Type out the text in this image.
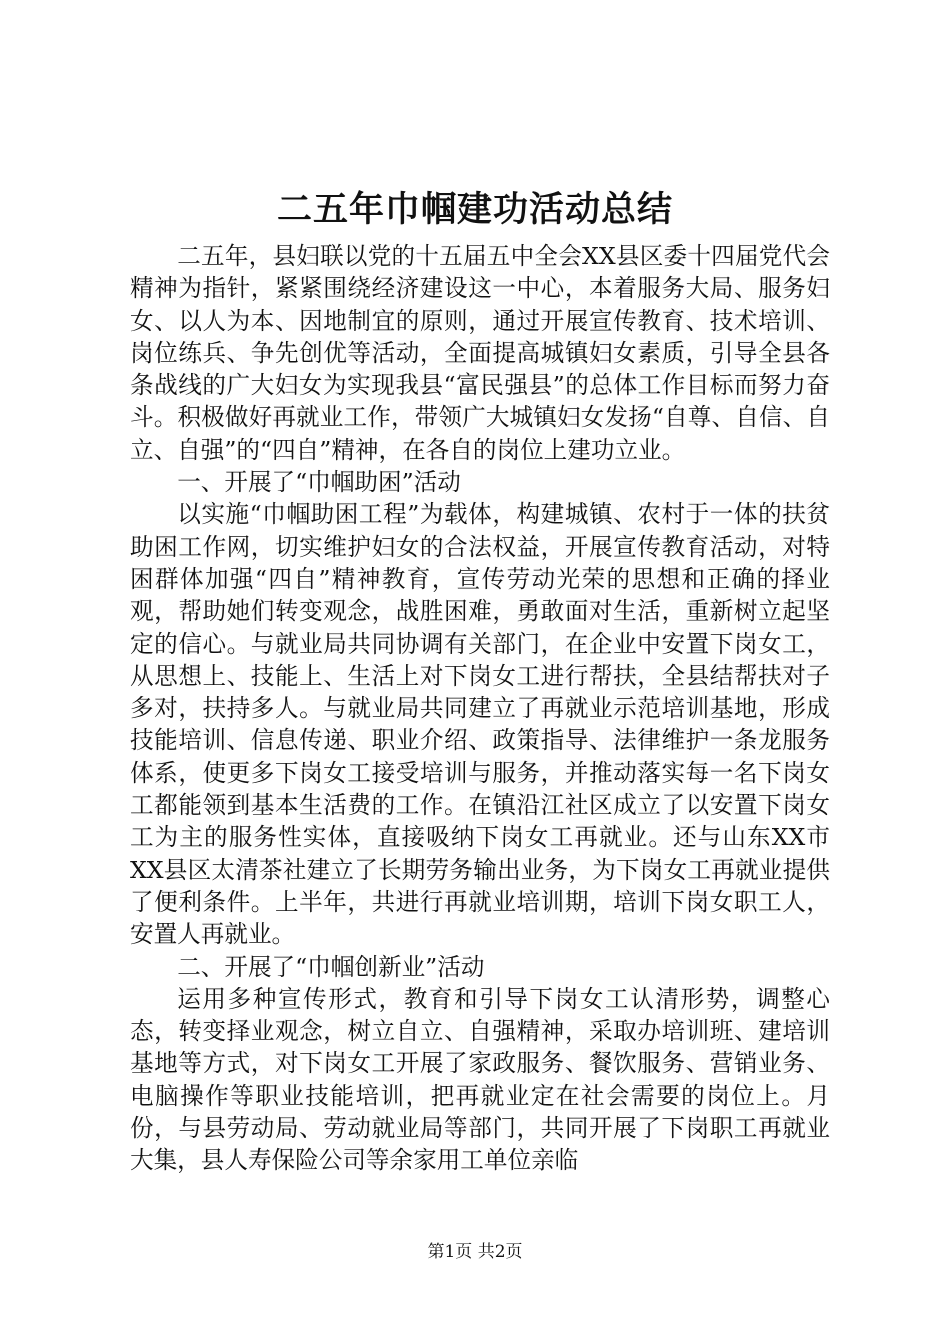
二五年巾帼建功活动总结

二五年，县妇联以党的十五届五中全会XX县区委十四届党代会精神为指针，紧紧围绕经济建设这一中心，本着服务大局、服务妇女、以人为本、因地制宜的原则，通过开展宣传教育、技术培训、岗位练兵、争先创优等活动，全面提高城镇妇女素质，引导全县各条战线的广大妇女为实现我县“富民强县”的总体工作目标而努力奋斗。积极做好再就业工作，带领广大城镇妇女发扬“自尊、自信、自立、自强”的“四自”精神，在各自的岗位上建功立业。

一、开展了“巾帼助困”活动

以实施“巾帼助困工程”为载体，构建城镇、农村于一体的扶贫助困工作网，切实维护妇女的合法权益，开展宣传教育活动，对特困群体加强“四自”精神教育，宣传劳动光荣的思想和正确的择业观，帮助她们转变观念，战胜困难，勇敢面对生活，重新树立起坚定的信心。与就业局共同协调有关部门，在企业中安置下岗女工，从思想上、技能上、生活上对下岗女工进行帮扶，全县结帮扶对子多对，扶持多人。与就业局共同建立了再就业示范培训基地，形成技能培训、信息传递、职业介绍、政策指导、法律维护一条龙服务体系，使更多下岗女工接受培训与服务，并推动落实每一名下岗女工都能领到基本生活费的工作。在镇沿江社区成立了以安置下岗女工为主的服务性实体，直接吸纳下岗女工再就业。还与山东XX市XX县区太清茶社建立了长期劳务输出业务，为下岗女工再就业提供了便利条件。上半年，共进行再就业培训期，培训下岗女职工人，安置人再就业。

二、开展了“巾帼创新业”活动

运用多种宣传形式，教育和引导下岗女工认清形势，调整心态，转变择业观念，树立自立、自强精神，采取办培训班、建培训基地等方式，对下岗女工开展了家政服务、餐饮服务、营销业务、电脑操作等职业技能培训，把再就业定在社会需要的岗位上。月份，与县劳动局、劳动就业局等部门，共同开展了下岗职工再就业大集，县人寿保险公司等余家用工单位亲临

第1页 共2页
